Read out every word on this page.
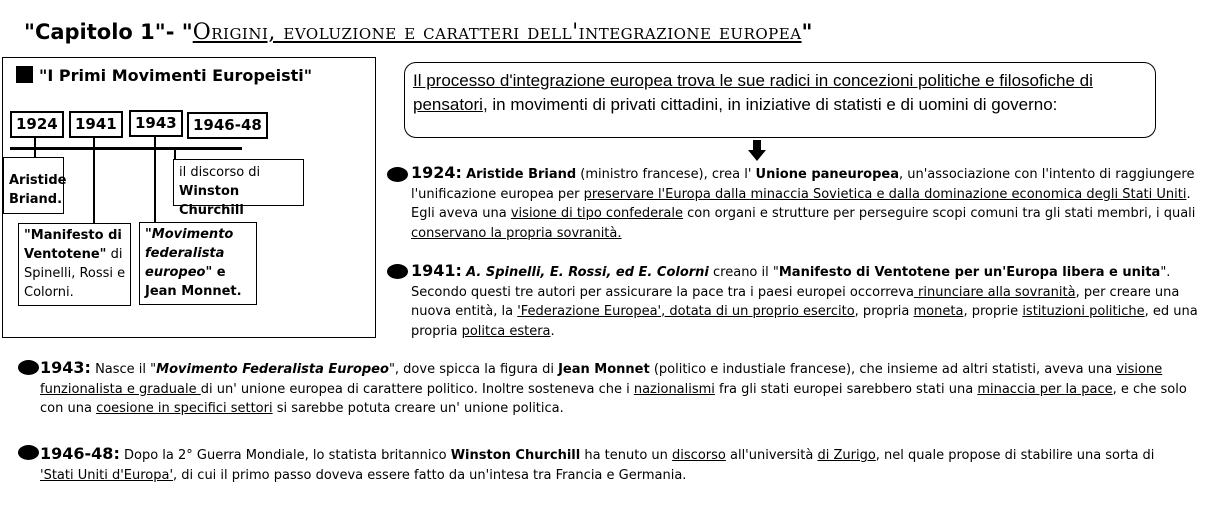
"Capitolo 1"- "Origini, evoluzione e caratteri dell'integrazione europea"
"I Primi Movimenti Europeisti"
1924	1941	1943	1946-48
Aristide
Briand.
il discorso di
Winston Churchill
"Manifesto di Ventotene" di Spinelli, Rossi e Colorni.
"Movimento federalista europeo" e Jean Monnet.
Il processo d'integrazione europea trova le sue radici in concezioni politiche e filosofiche di pensatori, in movimenti di privati cittadini, in iniziative di statisti e di uomini di governo:
1924: Aristide Briand (ministro francese), crea l' Unione paneuropea, un'associazione con l'intento di raggiungere l'unificazione europea per preservare l'Europa dalla minaccia Sovietica e dalla dominazione economica degli Stati Uniti. Egli aveva una visione di tipo confederale con organi e strutture per perseguire scopi comuni tra gli stati membri, i quali conservano la propria sovranità.
1941: A. Spinelli, E. Rossi, ed E. Colorni creano il "Manifesto di Ventotene per un'Europa libera e unita". Secondo questi tre autori per assicurare la pace tra i paesi europei occorreva rinunciare alla sovranità, per creare una nuova entità, la 'Federazione Europea', dotata di un proprio esercito, propria moneta, proprie istituzioni politiche, ed una propria politca estera.
1943: Nasce il "Movimento Federalista Europeo", dove spicca la figura di Jean Monnet (politico e industiale francese), che insieme ad altri statisti, aveva una visione funzionalista e graduale di un' unione europea di carattere politico. Inoltre sosteneva che i nazionalismi fra gli stati europei sarebbero stati una minaccia per la pace, e che solo con una coesione in specifici settori si sarebbe potuta creare un' unione politica.
1946-48: Dopo la 2° Guerra Mondiale, lo statista britannico Winston Churchill ha tenuto un discorso all'università di Zurigo, nel quale propose di stabilire una sorta di 'Stati Uniti d'Europa', di cui il primo passo doveva essere fatto da un'intesa tra Francia e Germania.
